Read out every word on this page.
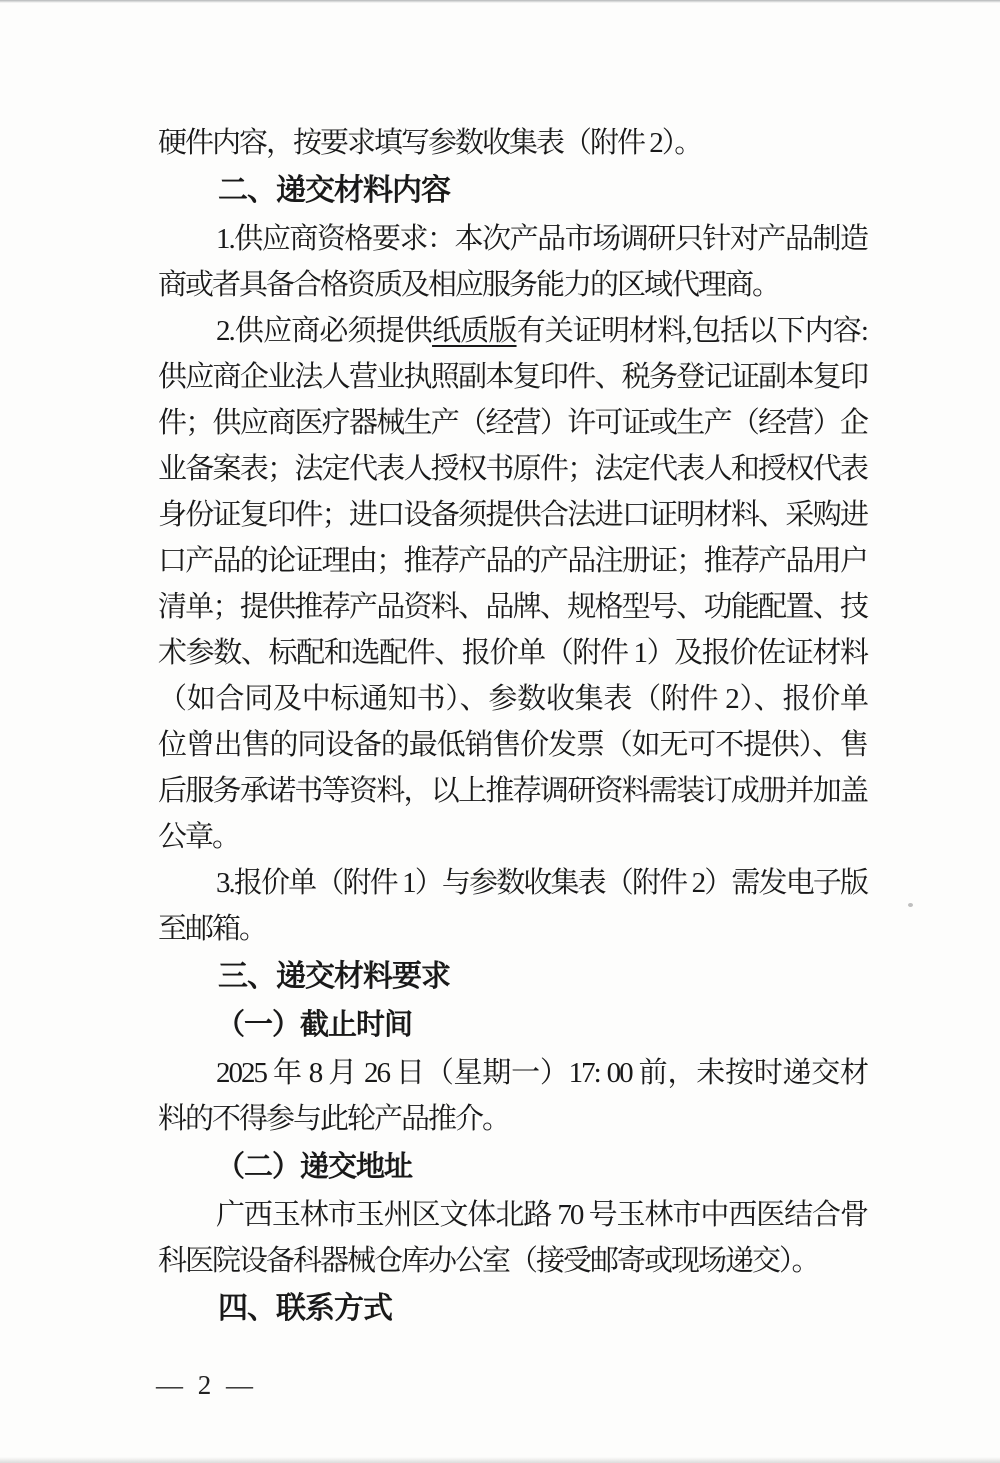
硬件内容，按要求填写参数收集表（附件 2）。

二、递交材料内容

1.供应商资格要求：本次产品市场调研只针对产品制造

商或者具备合格资质及相应服务能力的区域代理商。

2.供应商必须提供纸质版有关证明材料,包括以下内容:

供应商企业法人营业执照副本复印件、税务登记证副本复印

件；供应商医疗器械生产（经营）许可证或生产（经营）企

业备案表；法定代表人授权书原件；法定代表人和授权代表

身份证复印件；进口设备须提供合法进口证明材料、采购进

口产品的论证理由；推荐产品的产品注册证；推荐产品用户

清单；提供推荐产品资料、品牌、规格型号、功能配置、技

术参数、标配和选配件、报价单（附件 1）及报价佐证材料

（如合同及中标通知书）、参数收集表（附件 2）、报价单

位曾出售的同设备的最低销售价发票（如无可不提供）、售

后服务承诺书等资料，以上推荐调研资料需装订成册并加盖

公章。

3.报价单（附件 1）与参数收集表（附件 2）需发电子版

至邮箱。

三、递交材料要求

（一）截止时间

2025 年 8 月 26 日（星期一）17: 00 前，未按时递交材

料的不得参与此轮产品推介。

（二）递交地址

广西玉林市玉州区文体北路 70 号玉林市中西医结合骨

科医院设备科器械仓库办公室（接受邮寄或现场递交）。

四、联系方式

— 2 —
